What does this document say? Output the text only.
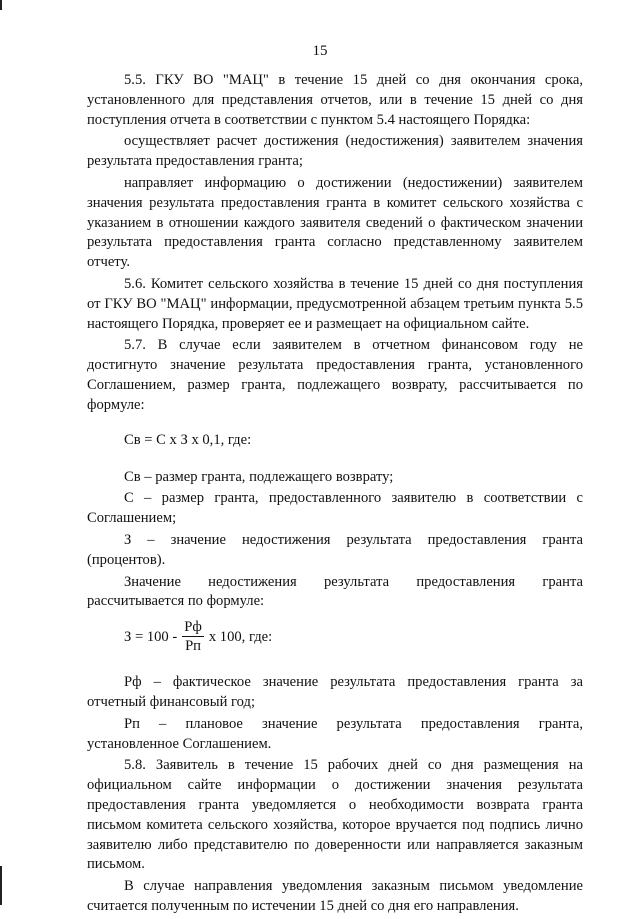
15

5.5. ГКУ ВО "МАЦ" в течение 15 дней со дня окончания срока, установленного для представления отчетов, или в течение 15 дней со дня поступления отчета в соответствии с пунктом 5.4 настоящего Порядка:

осуществляет расчет достижения (недостижения) заявителем значения результата предоставления гранта;

направляет информацию о достижении (недостижении) заявителем значения результата предоставления гранта в комитет сельского хозяйства с указанием в отношении каждого заявителя сведений о фактическом значении результата предоставления гранта согласно представленному заявителем отчету.

5.6. Комитет сельского хозяйства в течение 15 дней со дня поступления от ГКУ ВО "МАЦ" информации, предусмотренной абзацем третьим пункта 5.5 настоящего Порядка, проверяет ее и размещает на официальном сайте.

5.7. В случае если заявителем в отчетном финансовом году не достигнуто значение результата предоставления гранта, установленного Соглашением, размер гранта, подлежащего возврату, рассчитывается по формуле:

Св = С х З х 0,1, где:

Св – размер гранта, подлежащего возврату;

С – размер гранта, предоставленного заявителю в соответствии с Соглашением;

З – значение недостижения результата предоставления гранта (процентов).

Значение недостижения результата предоставления гранта рассчитывается по формуле:

$З = 100 - \frac{Рф}{Рп}$ х 100, где:

Рф – фактическое значение результата предоставления гранта за отчетный финансовый год;

Рп – плановое значение результата предоставления гранта, установленное Соглашением.

5.8. Заявитель в течение 15 рабочих дней со дня размещения на официальном сайте информации о достижении значения результата предоставления гранта уведомляется о необходимости возврата гранта письмом комитета сельского хозяйства, которое вручается под подпись лично заявителю либо представителю по доверенности или направляется заказным письмом.

В случае направления уведомления заказным письмом уведомление считается полученным по истечении 15 дней со дня его направления.
